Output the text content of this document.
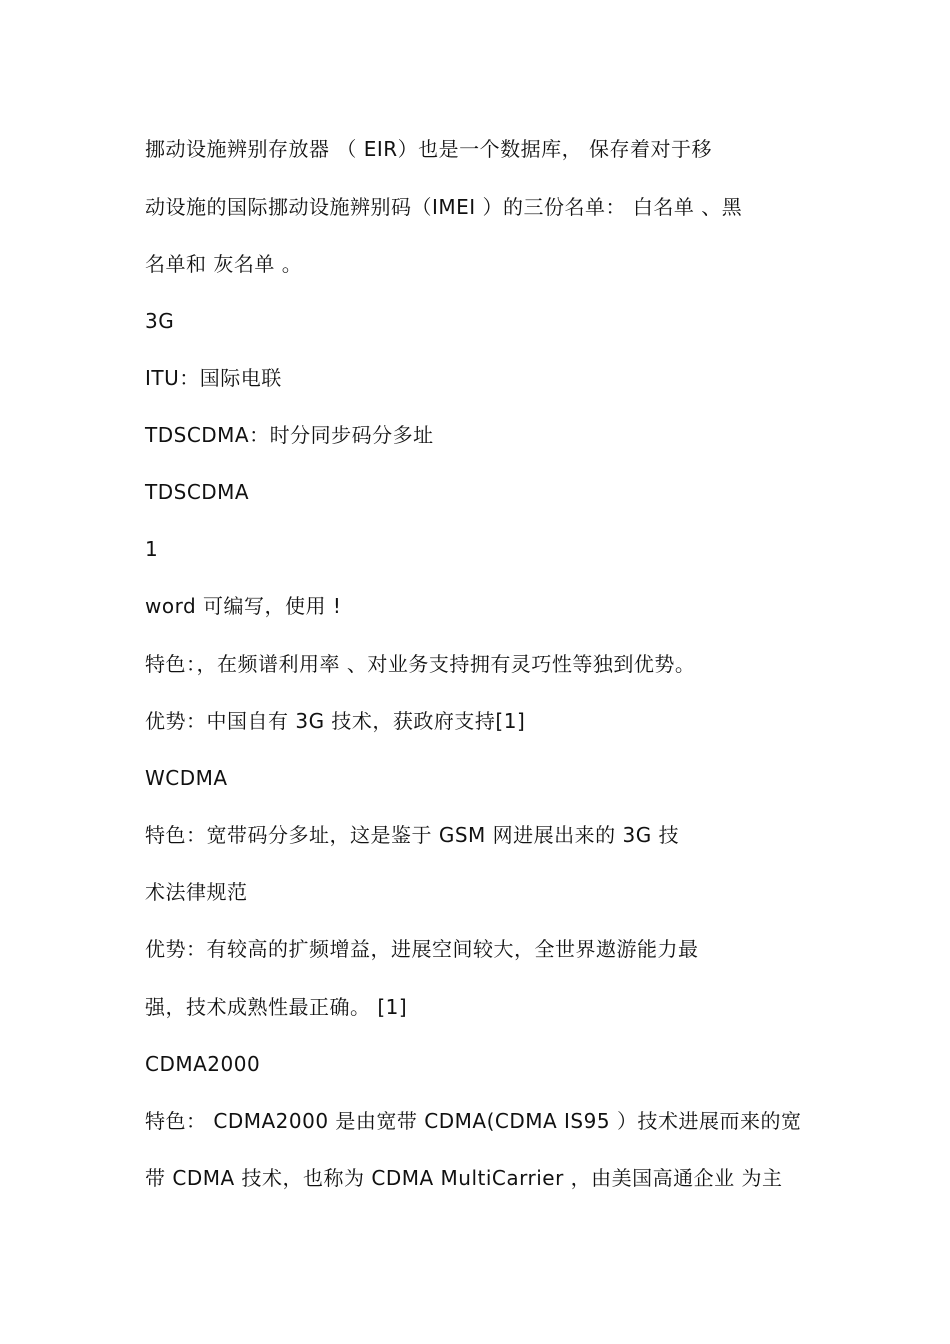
挪动设施辨别存放器 （ EIR）也是一个数据库， 保存着对于移
动设施的国际挪动设施辨别码（IMEI ）的三份名单： 白名单 、黑
名单和 灰名单 。
3G
ITU：国际电联
TDSCDMA：时分同步码分多址
TDSCDMA
1
word 可编写，使用 !
特色：，在频谱利用率 、对业务支持拥有灵巧性等独到优势。
优势：中国自有 3G 技术，获政府支持[1]
WCDMA
特色：宽带码分多址，这是鉴于 GSM 网进展出来的 3G 技
术法律规范
优势：有较高的扩频增益，进展空间较大，全世界遨游能力最
强，技术成熟性最正确。 [1]
CDMA2000
特色： CDMA2000 是由宽带 CDMA(CDMA IS95 ）技术进展而来的宽
带 CDMA 技术，也称为 CDMA MultiCarrier ，由美国高通企业 为主
